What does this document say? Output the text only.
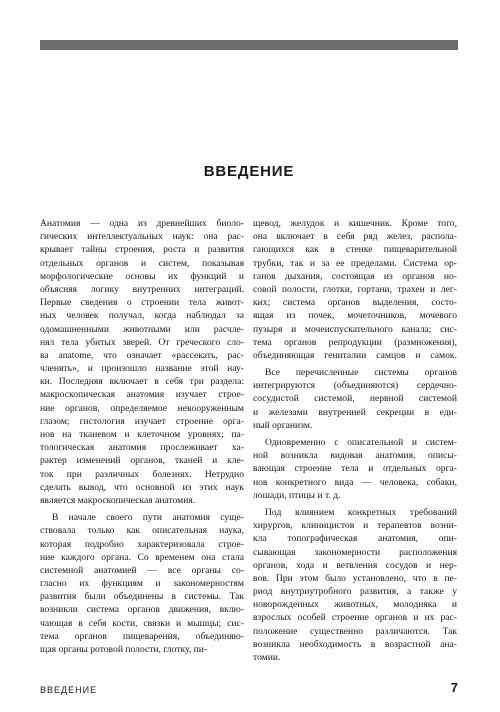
ВВЕДЕНИЕ
Анатомия — одна из древнейших биоло-
гических интеллектуальных наук: она рас-
крывает тайны строения, роста и развития
отдельных органов и систем, показывая
морфологические основы их функций и
объясняя логику внутренних интеграций.
Первые сведения о строении тела живот-
ных человек получал, когда наблюдал за
одомашненными животными или расчле-
нял тела убитых зверей. От греческого сло-
ва anatome, что означает «рассекать, рас-
членять», и произошло название этой нау-
ки. Последняя включает в себя три раздела:
макроскопическая анатомия изучает строе-
ние органов, определяемое невооруженным
глазом; гистология изучает строение орга-
нов на тканевом и клеточном уровнях; па-
тологическая анатомия прослеживает ха-
рактер изменений органов, тканей и кле-
ток при различных болезнях. Нетрудно
сделать вывод, что основной из этих наук
является макроскопическая анатомия.
В начале своего пути анатомия суще-
ствовала только как описательная наука,
которая подробно характеризовала строе-
ние каждого органа. Со временем она стала
системной анатомией — все органы со-
гласно их функциям и закономерностям
развития были объединены в системы. Так
возникли система органов движения, вклю-
чающая в себя кости, связки и мышцы; сис-
тема органов пищеварения, объединяю-
щая органы ротовой полости, глотку, пи-
щевод, желудок и кишечник. Кроме того,
она включает в себя ряд желез, распола-
гающихся как в стенке пищеварительной
трубки, так и за ее пределами. Система ор-
ганов дыхания, состоящая из органов но-
совой полости, глотки, гортани, трахеи и лег-
ких; система органов выделения, состо-
ящая из почек, мочеточников, мочевого
пузыря и мочеиспускательного канала; сис-
тема органов репродукции (размножения),
объединяющая гениталии самцов и самок.
Все перечисленные системы органов
интегрируются (объединяются) сердечно-
сосудистой системой, нервной системой
и железами внутренней секреции в еди-
ный организм.
Одновременно с описательной и систем-
ной возникла видовая анатомия, описы-
вающая строение тела и отдельных орга-
нов конкретного вида — человека, собаки,
лошади, птицы и т. д.
Под влиянием конкретных требований
хирургов, клиницистов и терапевтов возни-
кла топографическая анатомия, опи-
сывающая закономерности расположения
органов, хода и ветвления сосудов и нер-
вов. При этом было установлено, что в пе-
риод внутриутробного развития, а также у
новорожденных животных, молодняка и
взрослых особей строение органов и их рас-
положение существенно различаются. Так
возникла необходимость в возрастной ана-
томии.

ВВЕДЕНИЕ	7
